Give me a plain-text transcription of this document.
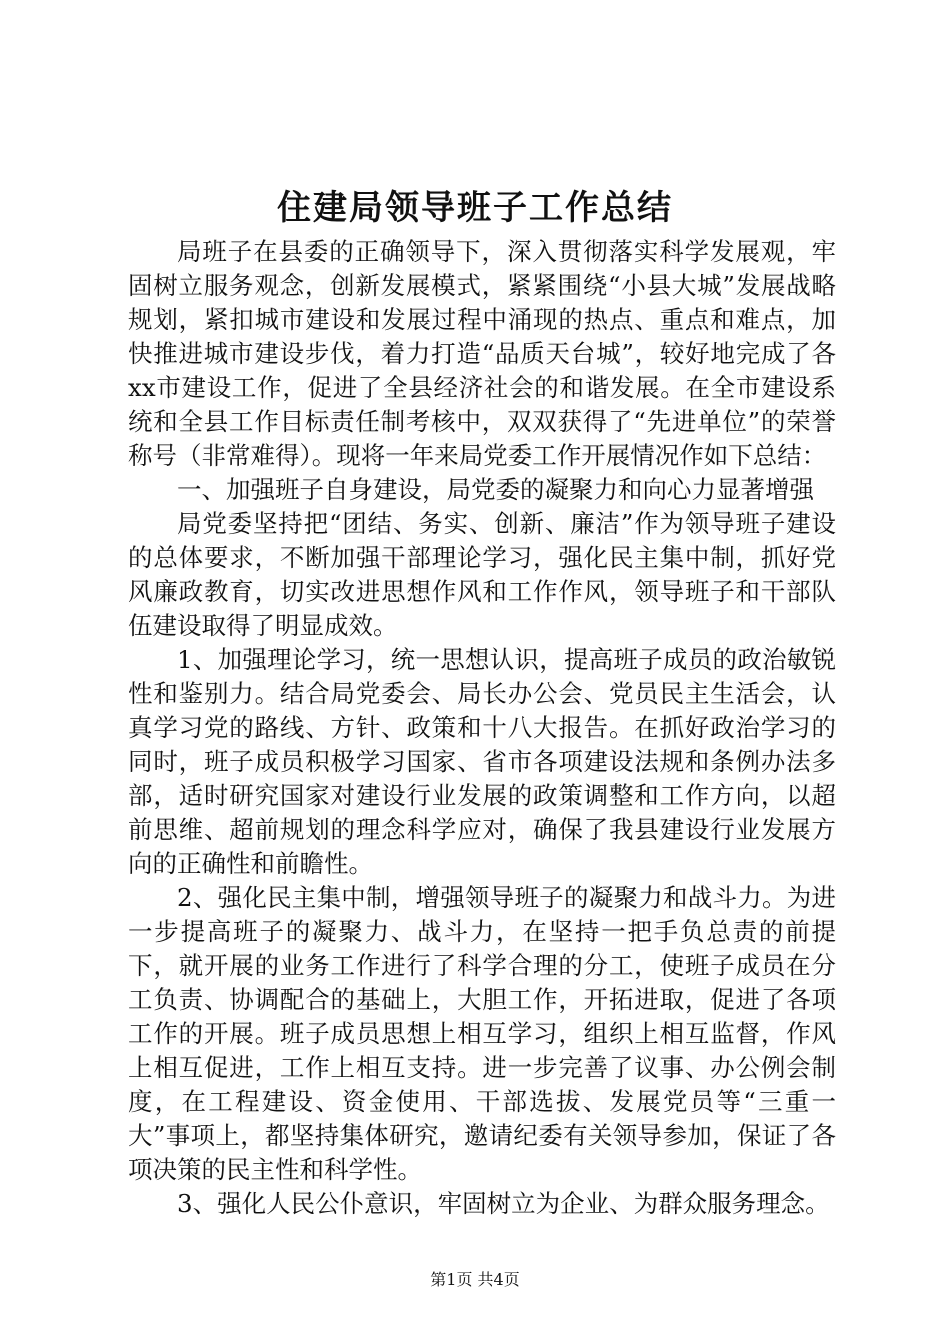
住建局领导班子工作总结

局班子在县委的正确领导下，深入贯彻落实科学发展观，牢固树立服务观念，创新发展模式，紧紧围绕“小县大城”发展战略规划，紧扣城市建设和发展过程中涌现的热点、重点和难点，加快推进城市建设步伐，着力打造“品质天台城”，较好地完成了各xx市建设工作，促进了全县经济社会的和谐发展。在全市建设系统和全县工作目标责任制考核中，双双获得了“先进单位”的荣誉称号（非常难得）。现将一年来局党委工作开展情况作如下总结：

一、加强班子自身建设，局党委的凝聚力和向心力显著增强

局党委坚持把“团结、务实、创新、廉洁”作为领导班子建设的总体要求，不断加强干部理论学习，强化民主集中制，抓好党风廉政教育，切实改进思想作风和工作作风，领导班子和干部队伍建设取得了明显成效。

1、加强理论学习，统一思想认识，提高班子成员的政治敏锐性和鉴别力。结合局党委会、局长办公会、党员民主生活会，认真学习党的路线、方针、政策和十八大报告。在抓好政治学习的同时，班子成员积极学习国家、省市各项建设法规和条例办法多部，适时研究国家对建设行业发展的政策调整和工作方向，以超前思维、超前规划的理念科学应对，确保了我县建设行业发展方向的正确性和前瞻性。

2、强化民主集中制，增强领导班子的凝聚力和战斗力。为进一步提高班子的凝聚力、战斗力，在坚持一把手负总责的前提下，就开展的业务工作进行了科学合理的分工，使班子成员在分工负责、协调配合的基础上，大胆工作，开拓进取，促进了各项工作的开展。班子成员思想上相互学习，组织上相互监督，作风上相互促进，工作上相互支持。进一步完善了议事、办公例会制度，在工程建设、资金使用、干部选拔、发展党员等“三重一大”事项上，都坚持集体研究，邀请纪委有关领导参加，保证了各项决策的民主性和科学性。

3、强化人民公仆意识，牢固树立为企业、为群众服务理念。

第1页 共4页
